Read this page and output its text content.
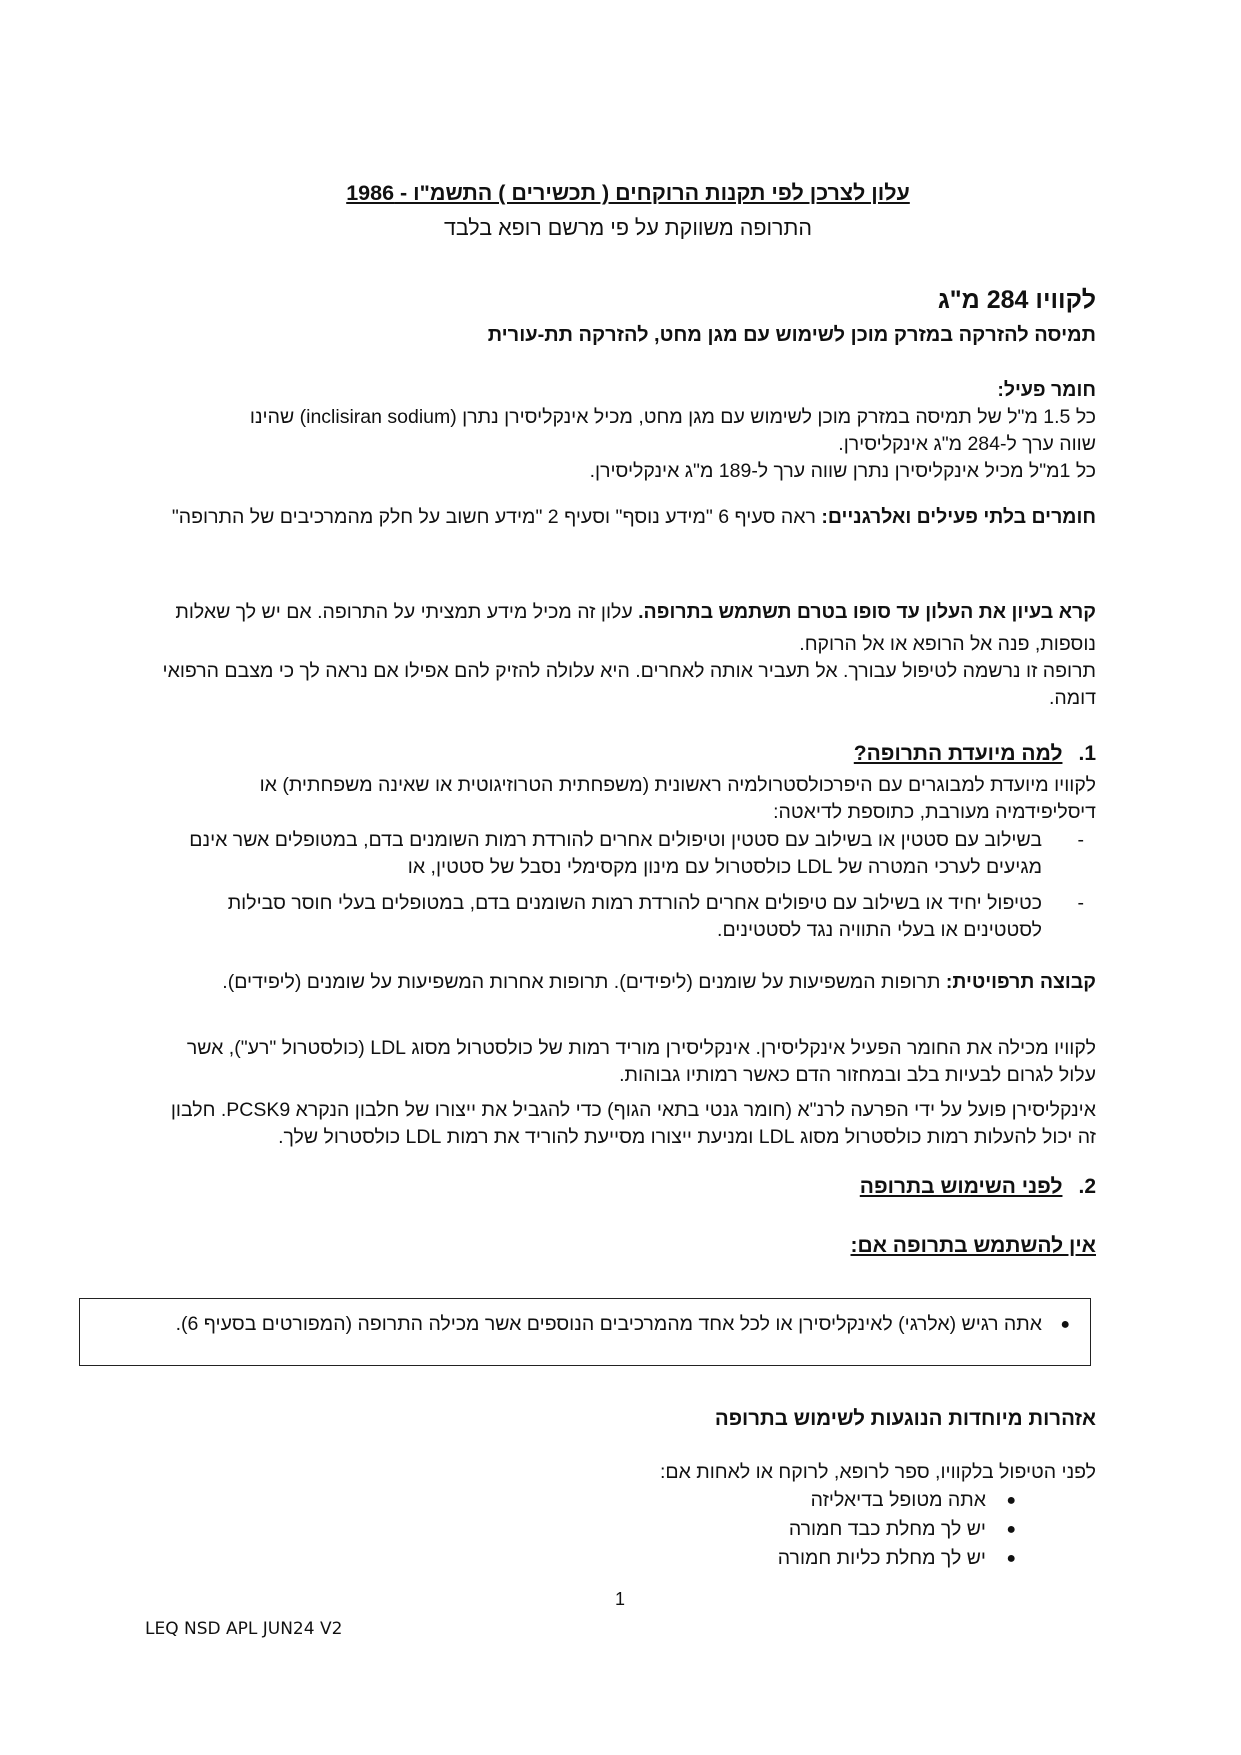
עלון לצרכן לפי תקנות הרוקחים ( תכשירים ) התשמ"ו - 1986
התרופה משווקת על פי מרשם רופא בלבד
לקוויו 284 מ"ג
תמיסה להזרקה במזרק מוכן לשימוש עם מגן מחט, להזרקה תת-עורית

חומר פעיל:

כל 1.5 מ"ל של תמיסה במזרק מוכן לשימוש עם מגן מחט, מכיל אינקליסירן נתרן (inclisiran sodium) שהינו

שווה ערך ל-284 מ"ג אינקליסירן.

כל 1מ"ל מכיל אינקליסירן נתרן שווה ערך ל-189 מ"ג אינקליסירן.

חומרים בלתי פעילים ואלרגניים: ראה סעיף 6 "מידע נוסף" וסעיף 2 "מידע חשוב על חלק מהמרכיבים של התרופה"

קרא בעיון את העלון עד סופו בטרם תשתמש בתרופה. עלון זה מכיל מידע תמציתי על התרופה. אם יש לך שאלות נוספות, פנה אל הרופא או אל הרוקח.

תרופה זו נרשמה לטיפול עבורך. אל תעביר אותה לאחרים. היא עלולה להזיק להם אפילו אם נראה לך כי מצבם הרפואי דומה.
1.למה מיועדת התרופה?
לקוויו מיועדת למבוגרים עם היפרכולסטרולמיה ראשונית (משפחתית הטרוזיגוטית או שאינה משפחתית) או דיסליפידמיה מעורבת, כתוספת לדיאטה:
-
בשילוב עם סטטין או בשילוב עם סטטין וטיפולים אחרים להורדת רמות השומנים בדם, במטופלים אשר אינם מגיעים לערכי המטרה של LDL כולסטרול עם מינון מקסימלי נסבל של סטטין, או
-
כטיפול יחיד או בשילוב עם טיפולים אחרים להורדת רמות השומנים בדם, במטופלים בעלי חוסר סבילות לסטטינים או בעלי התוויה נגד לסטטינים.

קבוצה תרפויטית: תרופות המשפיעות על שומנים (ליפידים). תרופות אחרות המשפיעות על שומנים (ליפידים).

לקוויו מכילה את החומר הפעיל אינקליסירן. אינקליסירן מוריד רמות של כולסטרול מסוג LDL (כולסטרול "רע"), אשר עלול לגרום לבעיות בלב ובמחזור הדם כאשר רמותיו גבוהות.
אינקליסירן פועל על ידי הפרעה לרנ"א (חומר גנטי בתאי הגוף) כדי להגביל את ייצורו של חלבון הנקרא PCSK9. חלבון זה יכול להעלות רמות כולסטרול מסוג LDL ומניעת ייצורו מסייעת להוריד את רמות LDL כולסטרול שלך.
2.לפני השימוש בתרופה
אין להשתמש בתרופה אם:
●
אתה רגיש (אלרגי) לאינקליסירן או לכל אחד מהמרכיבים הנוספים אשר מכילה התרופה (המפורטים בסעיף 6).
אזהרות מיוחדות הנוגעות לשימוש בתרופה
לפני הטיפול בלקוויו, ספר לרופא, לרוקח או לאחות אם:
●
אתה מטופל בדיאליזה
●
יש לך מחלת כבד חמורה
●
יש לך מחלת כליות חמורה
1
LEQ NSD APL JUN24 V2
